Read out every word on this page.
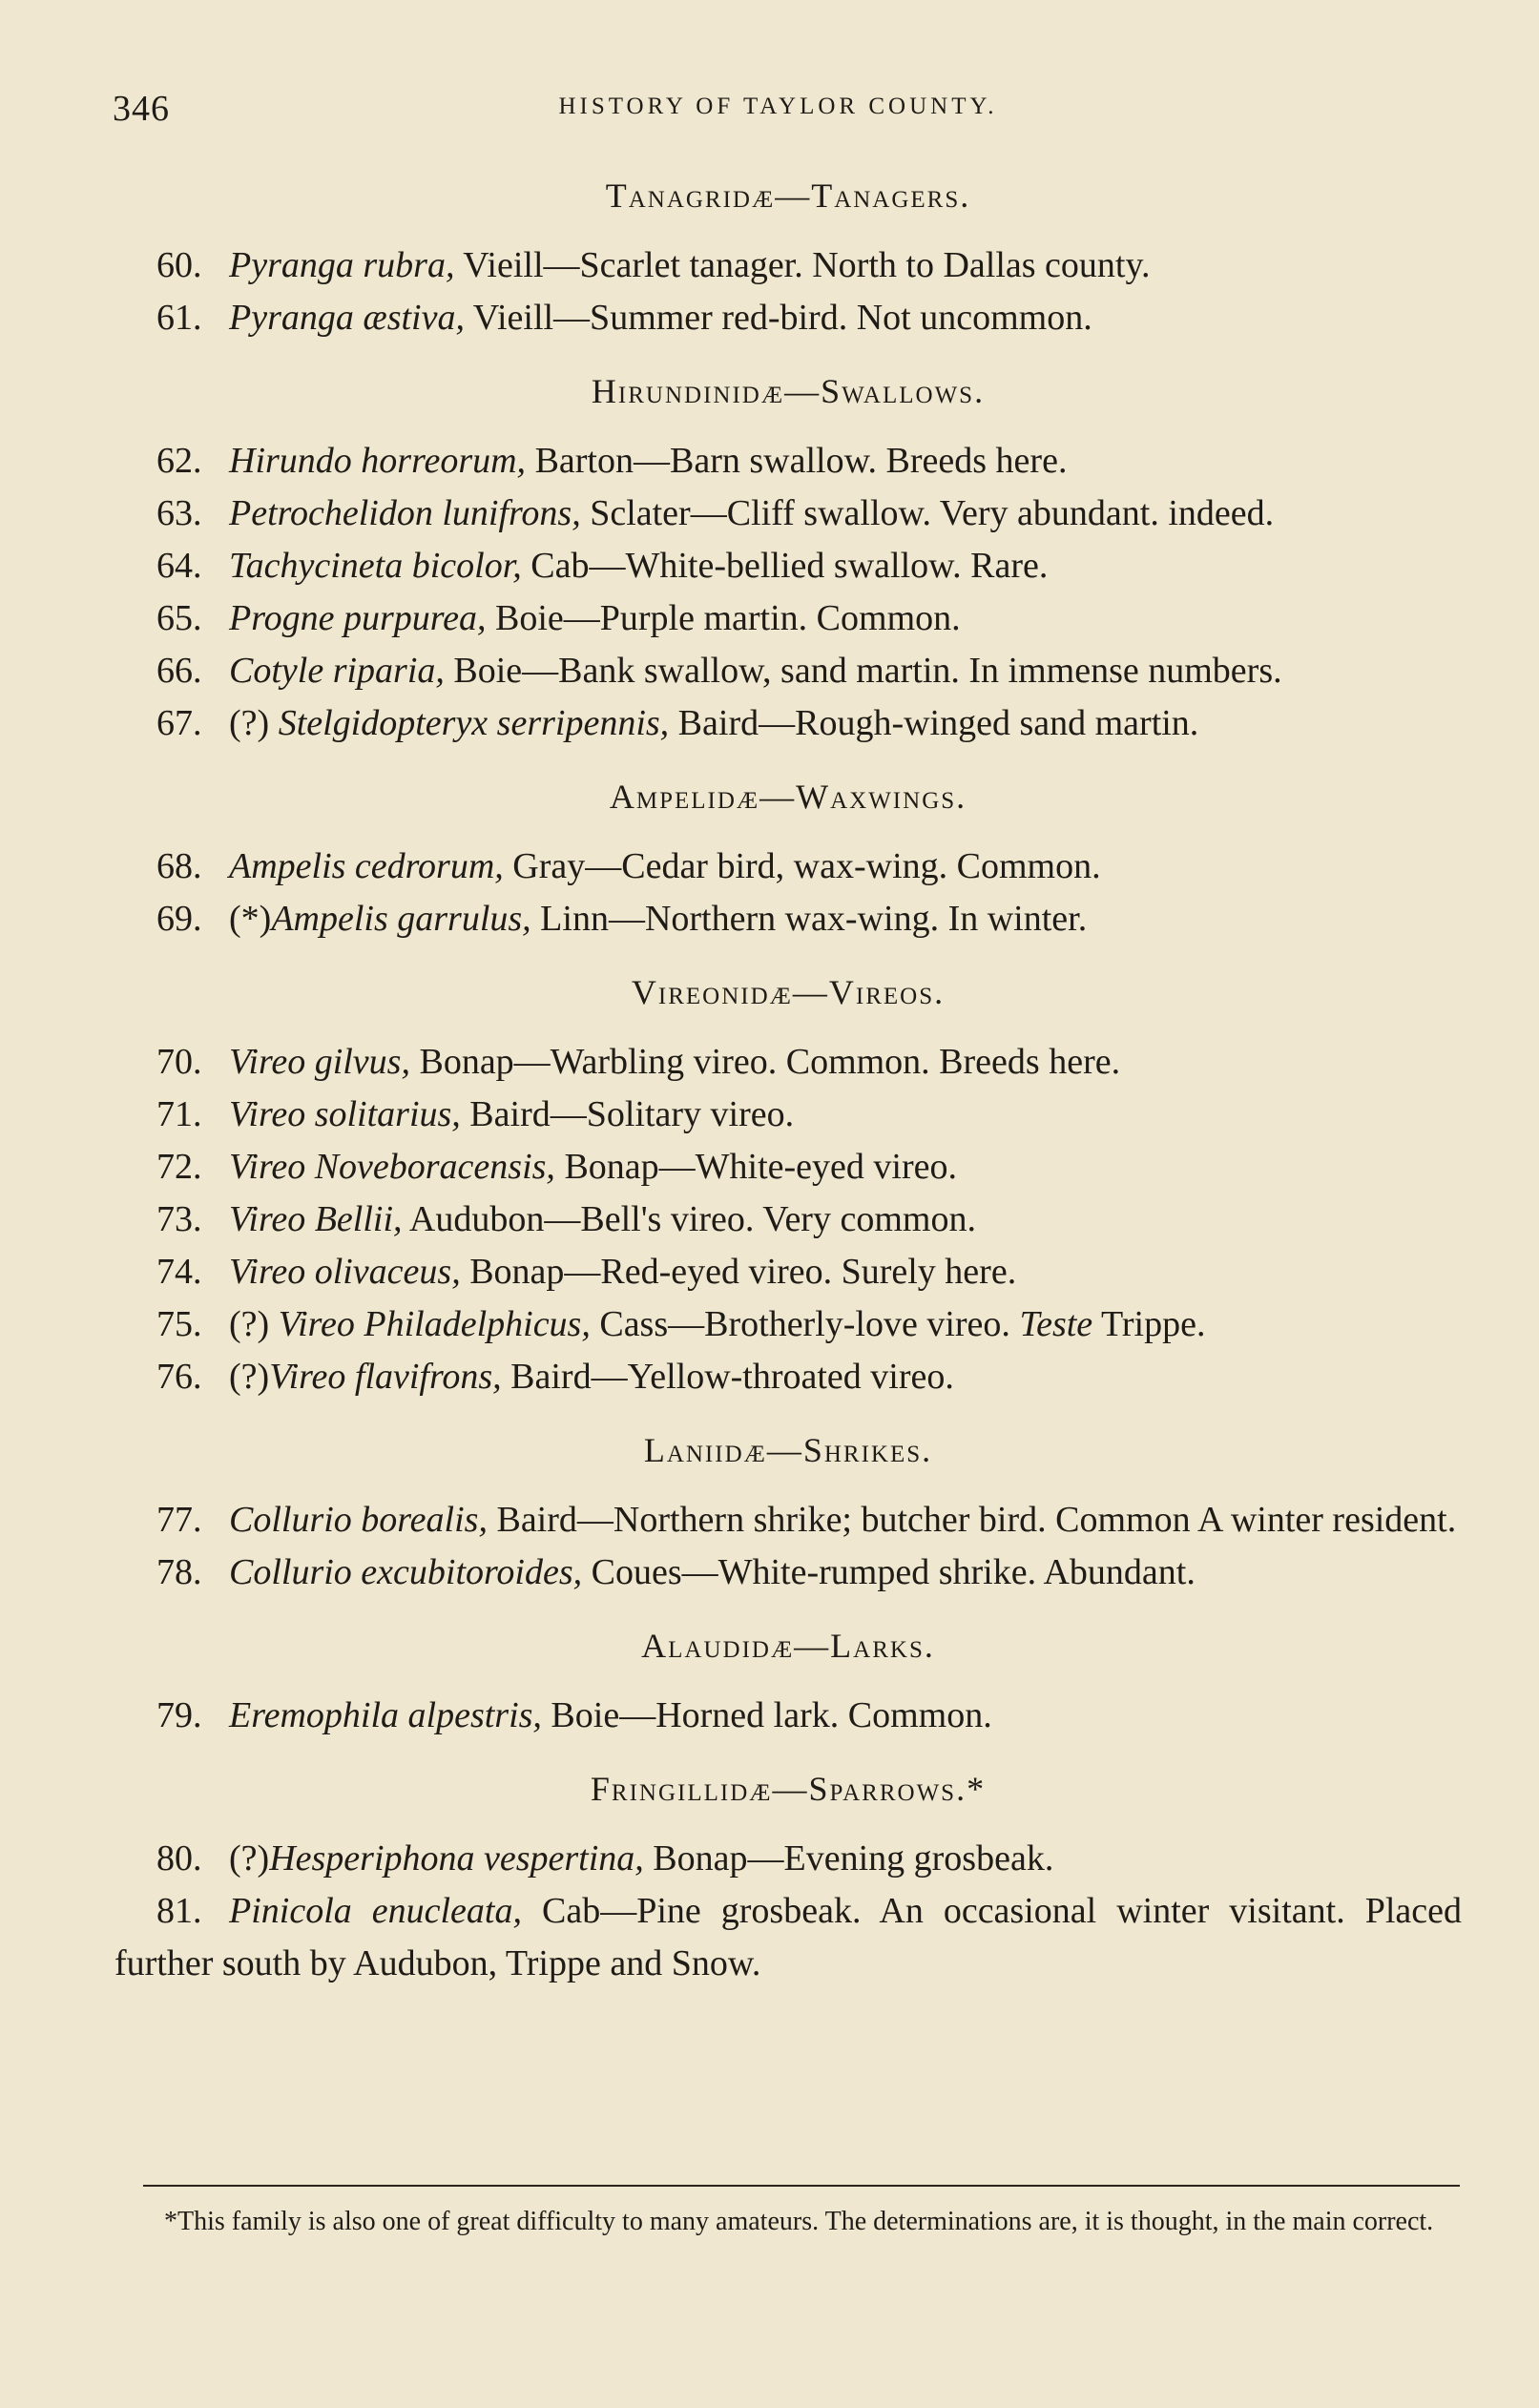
346	HISTORY OF TAYLOR COUNTY.
Tanagridæ—Tanagers.

60. Pyranga rubra, Vieill—Scarlet tanager. North to Dallas county.

61. Pyranga æstiva, Vieill—Summer red-bird. Not uncommon.

Hirundinidæ—Swallows.

62. Hirundo horreorum, Barton—Barn swallow. Breeds here.

63. Petrochelidon lunifrons, Sclater—Cliff swallow. Very abundant. indeed.

64. Tachycineta bicolor, Cab—White-bellied swallow. Rare.

65. Progne purpurea, Boie—Purple martin. Common.

66. Cotyle riparia, Boie—Bank swallow, sand martin. In immense numbers.

67. (?) Stelgidopteryx serripennis, Baird—Rough-winged sand martin.

Ampelidæ—Waxwings.

68. Ampelis cedrorum, Gray—Cedar bird, wax-wing. Common.

69. (*)Ampelis garrulus, Linn—Northern wax-wing. In winter.

Vireonidæ—Vireos.

70. Vireo gilvus, Bonap—Warbling vireo. Common. Breeds here.

71. Vireo solitarius, Baird—Solitary vireo.

72. Vireo Noveboracensis, Bonap—White-eyed vireo.

73. Vireo Bellii, Audubon—Bell's vireo. Very common.

74. Vireo olivaceus, Bonap—Red-eyed vireo. Surely here.

75. (?) Vireo Philadelphicus, Cass—Brotherly-love vireo. Teste Trippe.

76. (?)Vireo flavifrons, Baird—Yellow-throated vireo.

Laniidæ—Shrikes.

77. Collurio borealis, Baird—Northern shrike; butcher bird. Common A winter resident.

78. Collurio excubitoroides, Coues—White-rumped shrike. Abundant.

Alaudidæ—Larks.

79. Eremophila alpestris, Boie—Horned lark. Common.

Fringillidæ—Sparrows.*

80. (?)Hesperiphona vespertina, Bonap—Evening grosbeak.

81. Pinicola enucleata, Cab—Pine grosbeak. An occasional winter visitant. Placed further south by Audubon, Trippe and Snow.

*This family is also one of great difficulty to many amateurs. The determinations are, it is thought, in the main correct.
